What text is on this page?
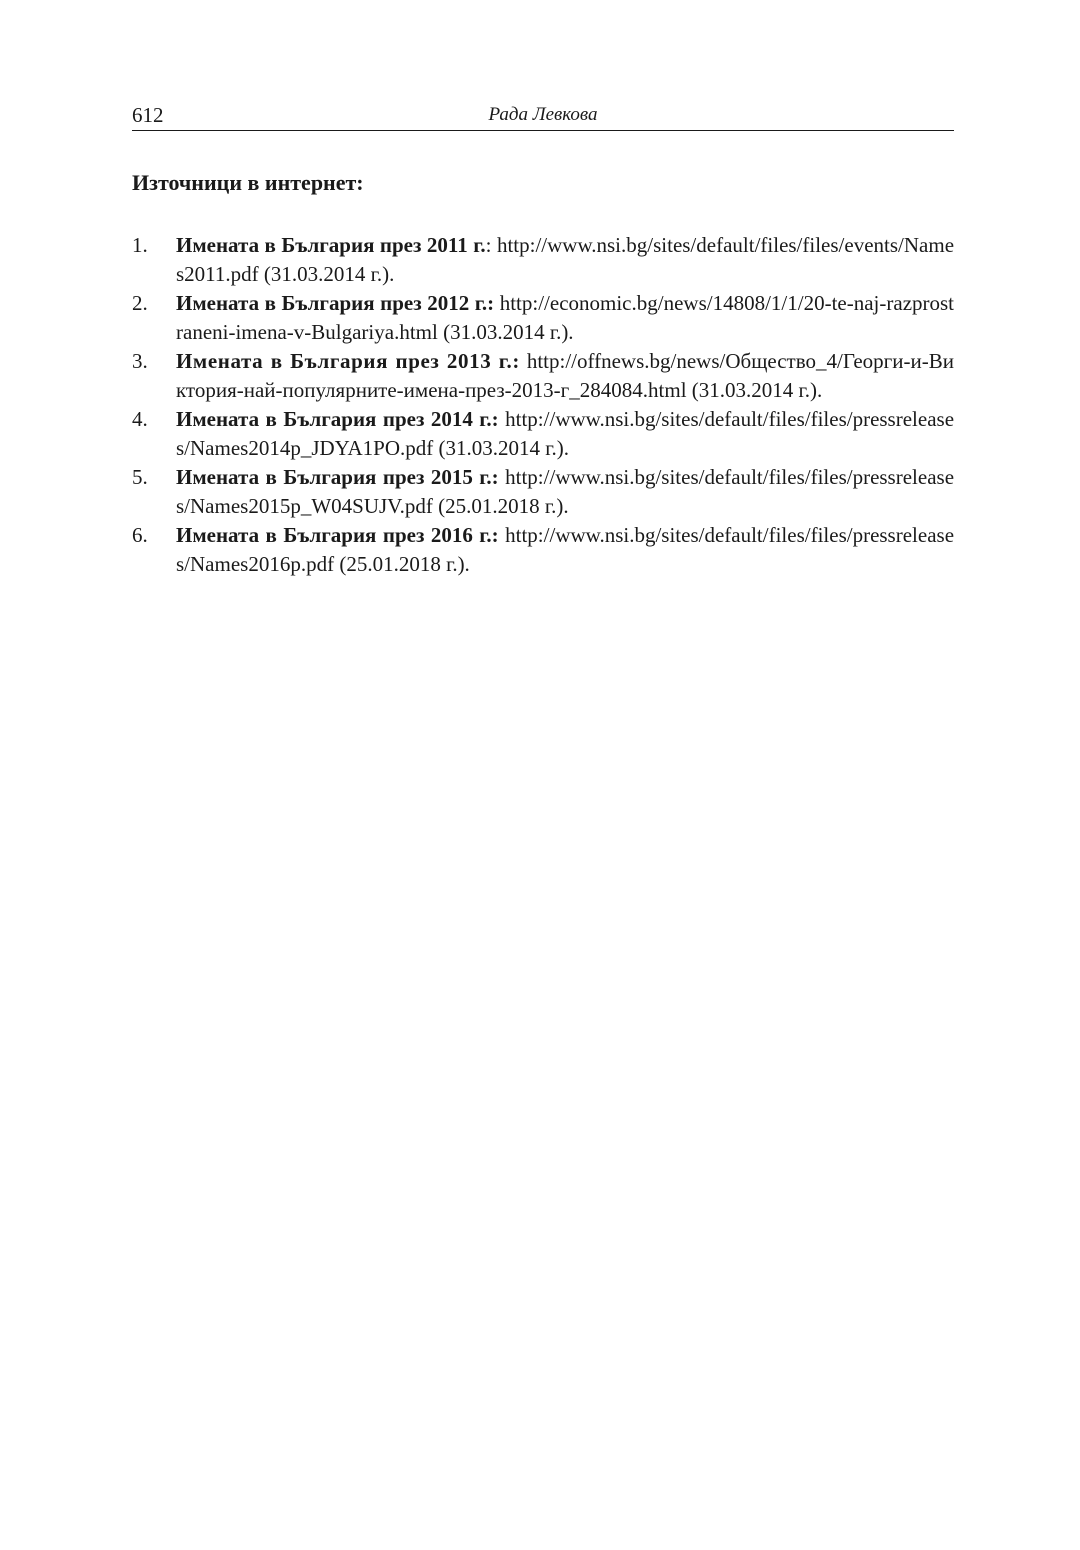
612	Рада Левкова
Източници в интернет:
1. Имената в България през 2011 г.: http://www.nsi.bg/sites/default/files/files/events/Names2011.pdf (31.03.2014 г.).
2. Имената в България през 2012 г.: http://economic.bg/news/14808/1/1/20-te-naj-razprostraneni-imena-v-Bulgariya.html (31.03.2014 г.).
3. Имената в България през 2013 г.: http://offnews.bg/news/Общество_4/Георги-и-Виктория-най-популярните-имена-през-2013-г_284084.html (31.03.2014 г.).
4. Имената в България през 2014 г.: http://www.nsi.bg/sites/default/files/files/pressreleases/Names2014p_JDYA1PO.pdf (31.03.2014 г.).
5. Имената в България през 2015 г.: http://www.nsi.bg/sites/default/files/files/pressreleases/Names2015p_W04SUJV.pdf (25.01.2018 г.).
6. Имената в България през 2016 г.: http://www.nsi.bg/sites/default/files/files/pressreleases/Names2016p.pdf (25.01.2018 г.).
